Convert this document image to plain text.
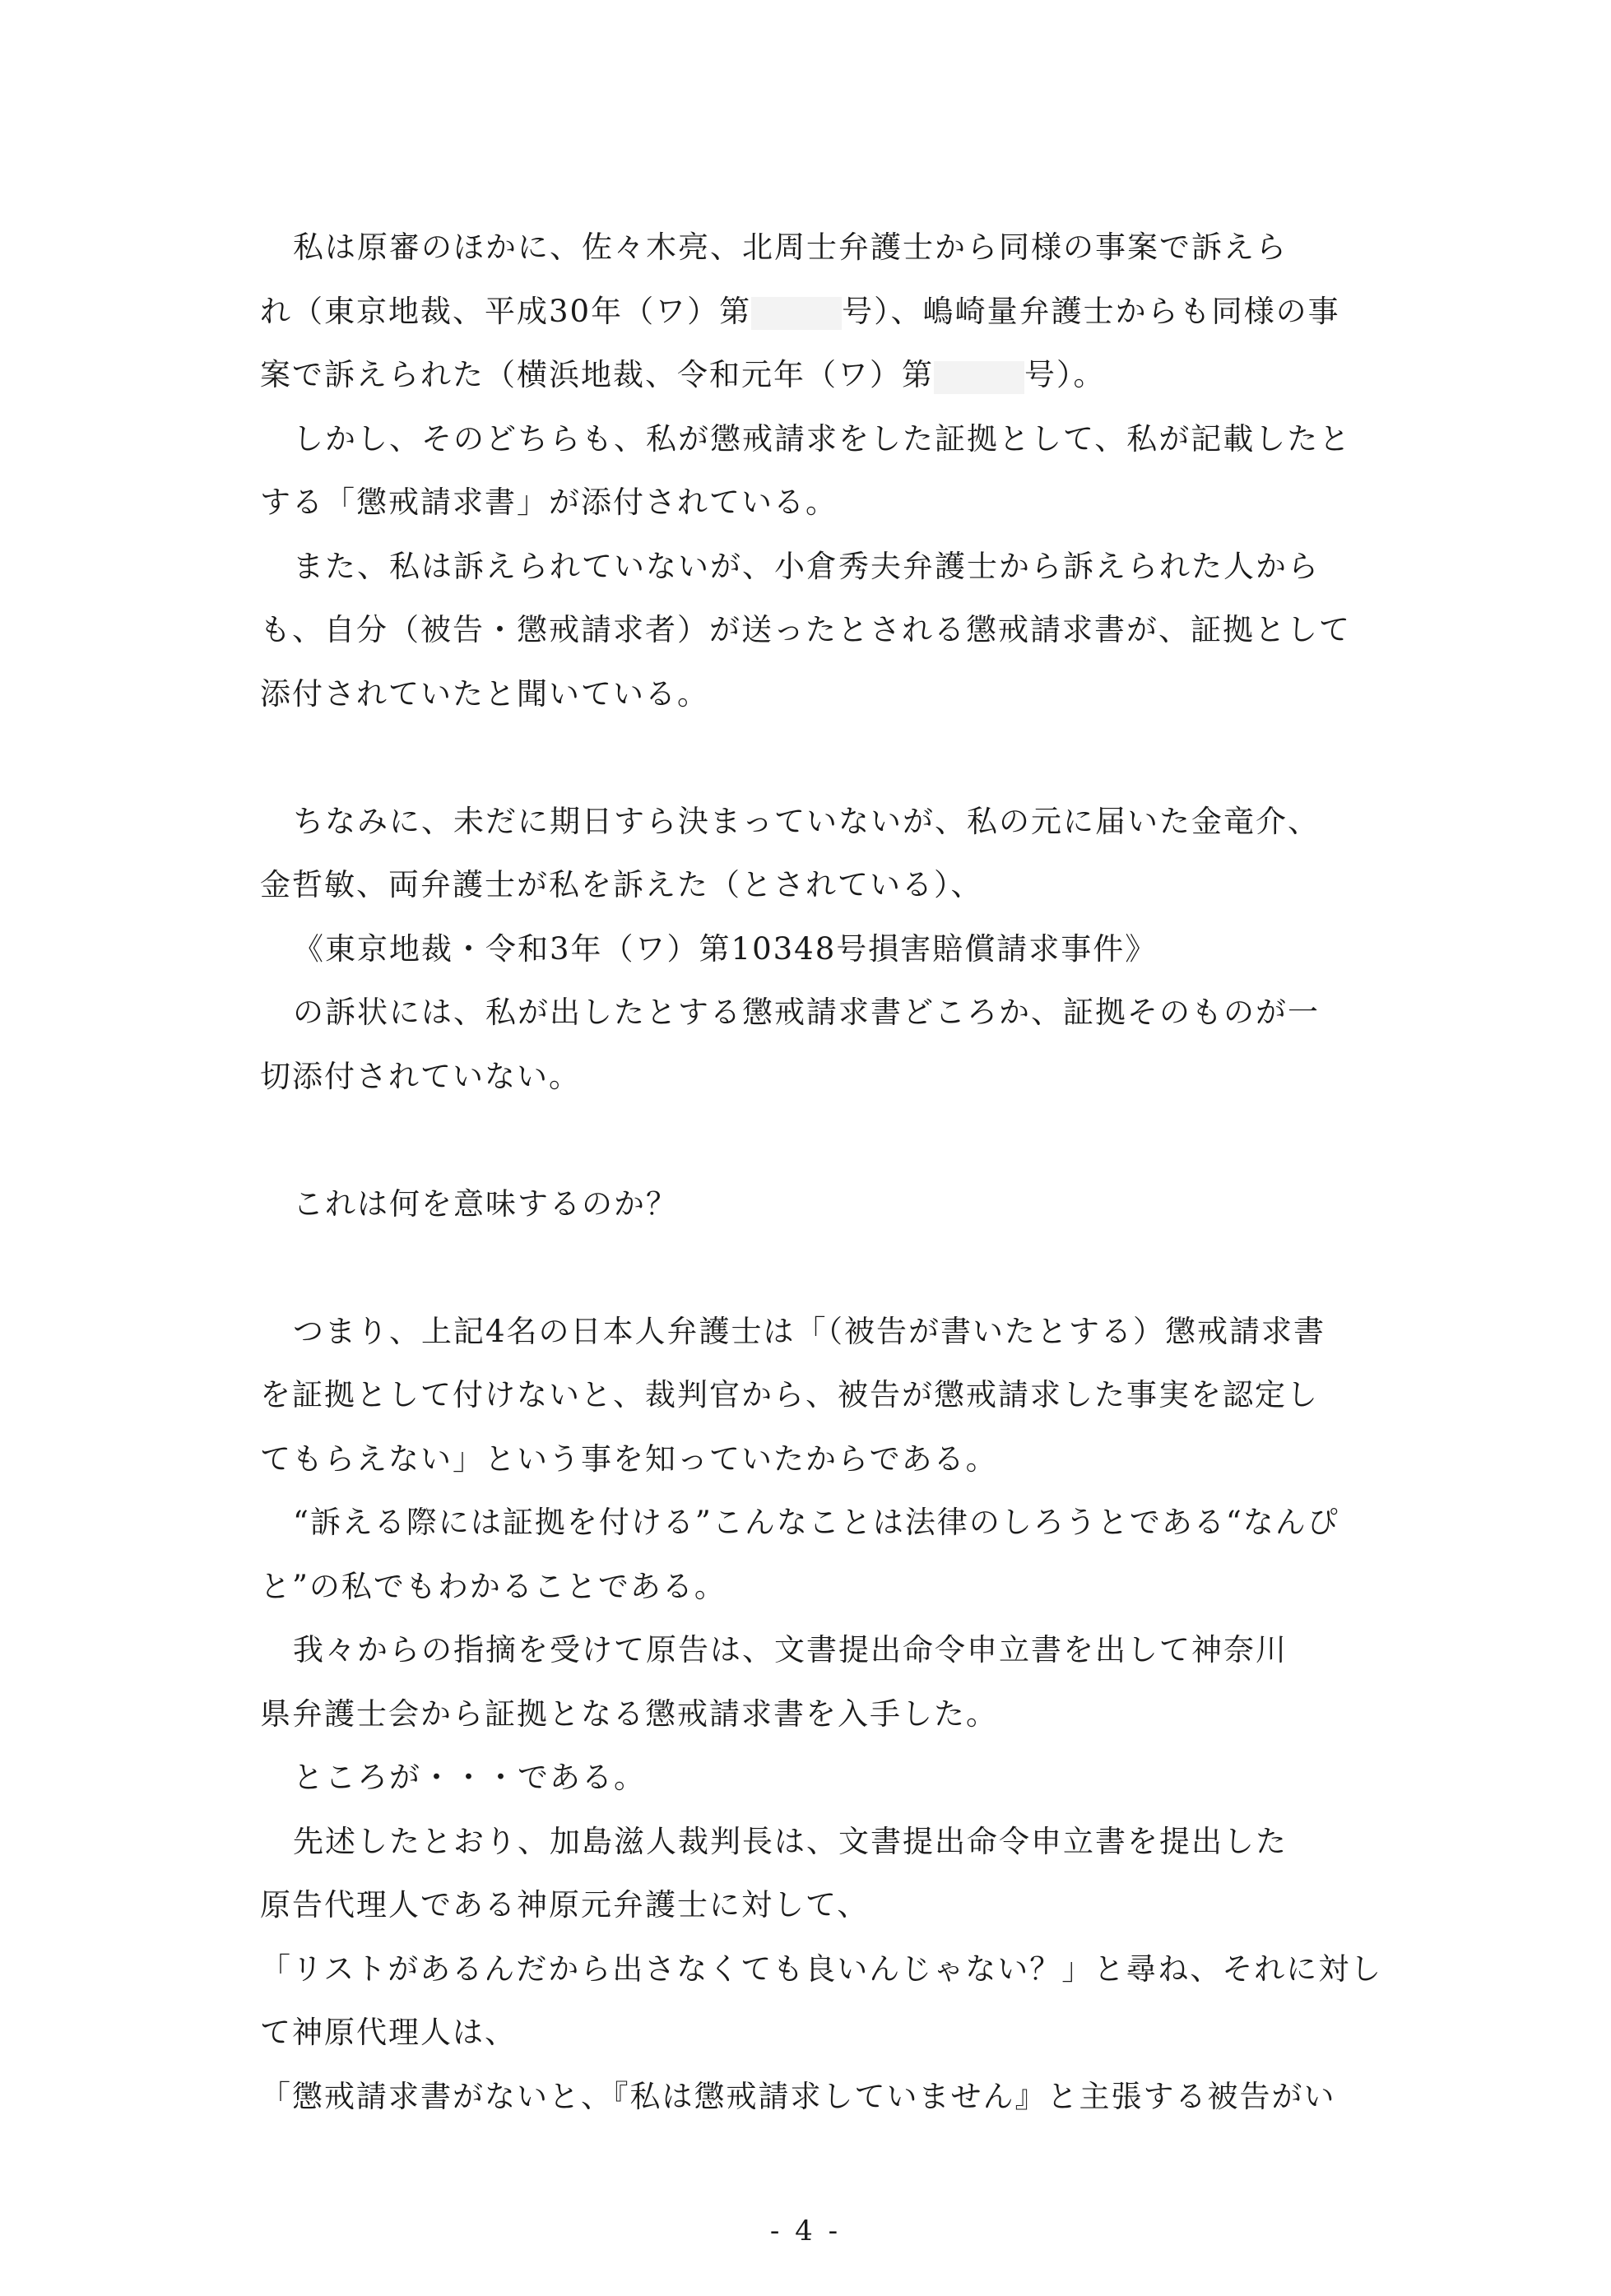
私は原審のほかに、佐々木亮、北周士弁護士から同様の事案で訴えら
れ（東京地裁、平成30年（ワ）第	号）、嶋崎量弁護士からも同様の事
案で訴えられた（横浜地裁、令和元年（ワ）第	号）。
しかし、そのどちらも、私が懲戒請求をした証拠として、私が記載したと
する「懲戒請求書」が添付されている。
また、私は訴えられていないが、小倉秀夫弁護士から訴えられた人から
も、自分（被告・懲戒請求者）が送ったとされる懲戒請求書が、証拠として
添付されていたと聞いている。
ちなみに、未だに期日すら決まっていないが、私の元に届いた金竜介、
金哲敏、両弁護士が私を訴えた（とされている）、
《東京地裁・令和3年（ワ）第10348号損害賠償請求事件》
の訴状には、私が出したとする懲戒請求書どころか、証拠そのものが一
切添付されていない。
これは何を意味するのか？
つまり、上記4名の日本人弁護士は「（被告が書いたとする）懲戒請求書
を証拠として付けないと、裁判官から、被告が懲戒請求した事実を認定し
てもらえない」という事を知っていたからである。
“訴える際には証拠を付ける”こんなことは法律のしろうとである“なんぴ
と”の私でもわかることである。
我々からの指摘を受けて原告は、文書提出命令申立書を出して神奈川
県弁護士会から証拠となる懲戒請求書を入手した。
ところが・・・である。
先述したとおり、加島滋人裁判長は、文書提出命令申立書を提出した
原告代理人である神原元弁護士に対して、
「リストがあるんだから出さなくても良いんじゃない？」と尋ね、それに対し
て神原代理人は、
「懲戒請求書がないと、『私は懲戒請求していません』と主張する被告がい
- 4 -
